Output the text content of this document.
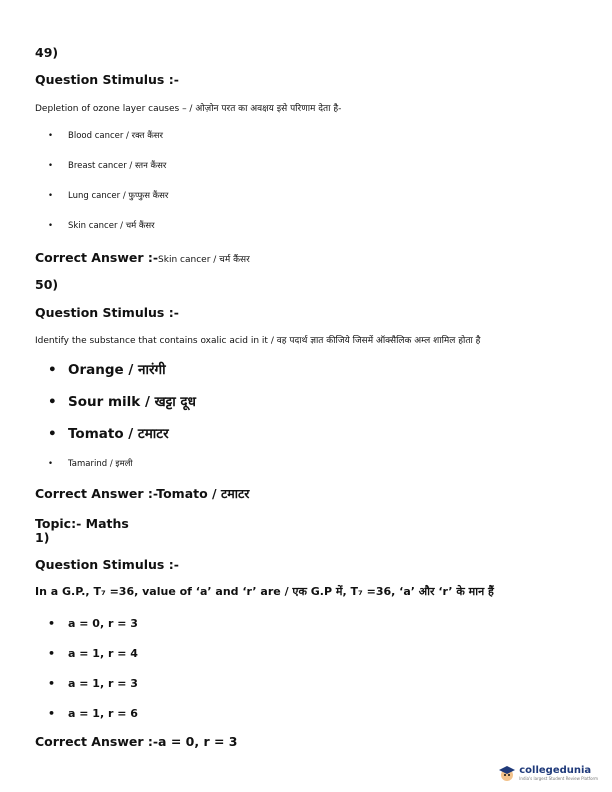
49)
Question Stimulus :-
Depletion of ozone layer causes – / ओज़ोन परत का अवक्षय इसे परिणाम देता है-
• Blood cancer / रक्त कैंसर
• Breast cancer / स्तन कैंसर
• Lung cancer / फुप्फुस कैंसर
• Skin cancer / चर्म कैंसर
Correct Answer :-Skin cancer / चर्म कैंसर
50)
Question Stimulus :-
Identify the substance that contains oxalic acid in it / वह पदार्थ ज्ञात कीजिये जिसमें ऑक्सैलिक अम्ल शामिल होता है
• Orange / नारंगी
• Sour milk / खट्टा दूध
• Tomato / टमाटर
• Tamarind / इमली
Correct Answer :-Tomato / टमाटर
Topic:- Maths
1)
Question Stimulus :-
In a G.P., T₇ =36, value of ‘a’ and ‘r’ are / एक G.P में, T₇ =36, ‘a’ और ‘r’ के मान हैं
• a = 0, r = 3
• a = 1, r = 4
• a = 1, r = 3
• a = 1, r = 6
Correct Answer :-a = 0, r = 3
collegedunia
India's largest Student Review Platform
